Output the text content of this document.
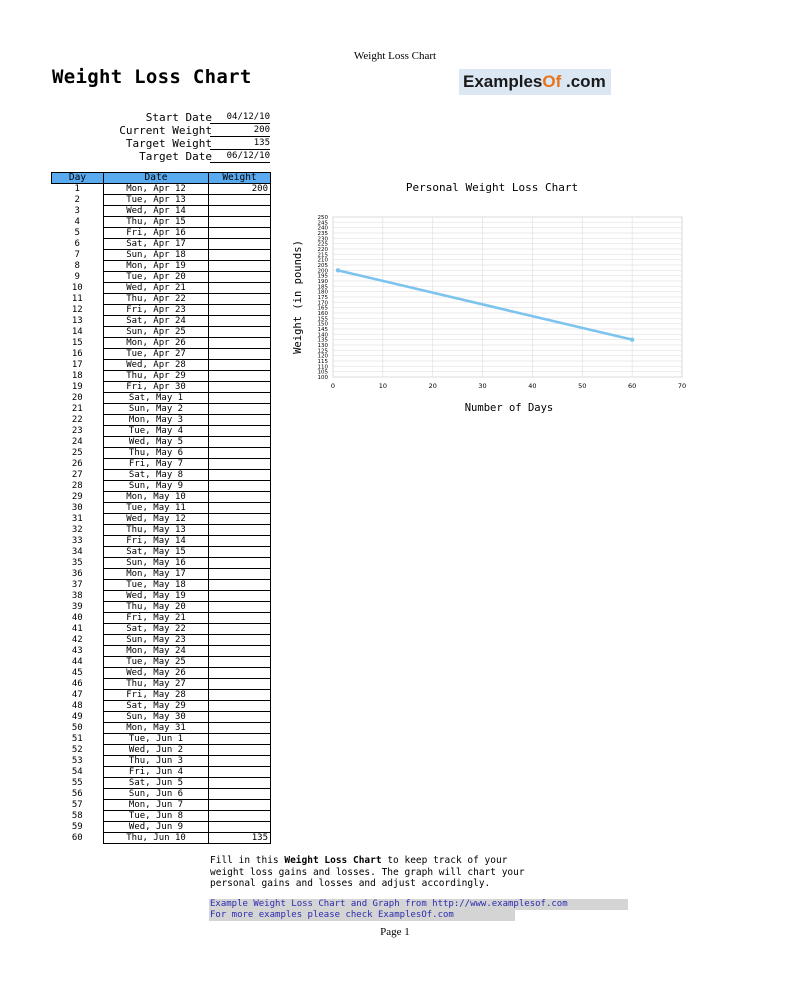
Weight Loss Chart
Weight Loss Chart	ExamplesOf .com
Start Date	04/12/10
Current Weight	200
Target Weight	135
Target Date	06/12/10
Day	Date	Weight
1	Mon, Apr 12	200
2	Tue, Apr 13	
3	Wed, Apr 14	
4	Thu, Apr 15	
5	Fri, Apr 16	
6	Sat, Apr 17	
7	Sun, Apr 18	
8	Mon, Apr 19	
9	Tue, Apr 20	
10	Wed, Apr 21	
11	Thu, Apr 22	
12	Fri, Apr 23	
13	Sat, Apr 24	
14	Sun, Apr 25	
15	Mon, Apr 26	
16	Tue, Apr 27	
17	Wed, Apr 28	
18	Thu, Apr 29	
19	Fri, Apr 30	
20	Sat, May 1	
21	Sun, May 2	
22	Mon, May 3	
23	Tue, May 4	
24	Wed, May 5	
25	Thu, May 6	
26	Fri, May 7	
27	Sat, May 8	
28	Sun, May 9	
29	Mon, May 10	
30	Tue, May 11	
31	Wed, May 12	
32	Thu, May 13	
33	Fri, May 14	
34	Sat, May 15	
35	Sun, May 16	
36	Mon, May 17	
37	Tue, May 18	
38	Wed, May 19	
39	Thu, May 20	
40	Fri, May 21	
41	Sat, May 22	
42	Sun, May 23	
43	Mon, May 24	
44	Tue, May 25	
45	Wed, May 26	
46	Thu, May 27	
47	Fri, May 28	
48	Sat, May 29	
49	Sun, May 30	
50	Mon, May 31	
51	Tue, Jun 1	
52	Wed, Jun 2	
53	Thu, Jun 3	
54	Fri, Jun 4	
55	Sat, Jun 5	
56	Sun, Jun 6	
57	Mon, Jun 7	
58	Tue, Jun 8	
59	Wed, Jun 9	
60	Thu, Jun 10	135
Personal Weight Loss Chart
100
105
110
115
120
125
130
135
140
145
150
155
160
165
170
175
180
185
190
195
200
205
210
215
220
225
230
235
240
245
250
0	10	20	30	40	50	60	70
Number of Days
Weight (in pounds)
Fill in this Weight Loss Chart to keep track of your
weight loss gains and losses. The graph will chart your
personal gains and losses and adjust accordingly.
Example Weight Loss Chart and Graph from http://www.examplesof.com
For more examples please check ExamplesOf.com
Page 1
